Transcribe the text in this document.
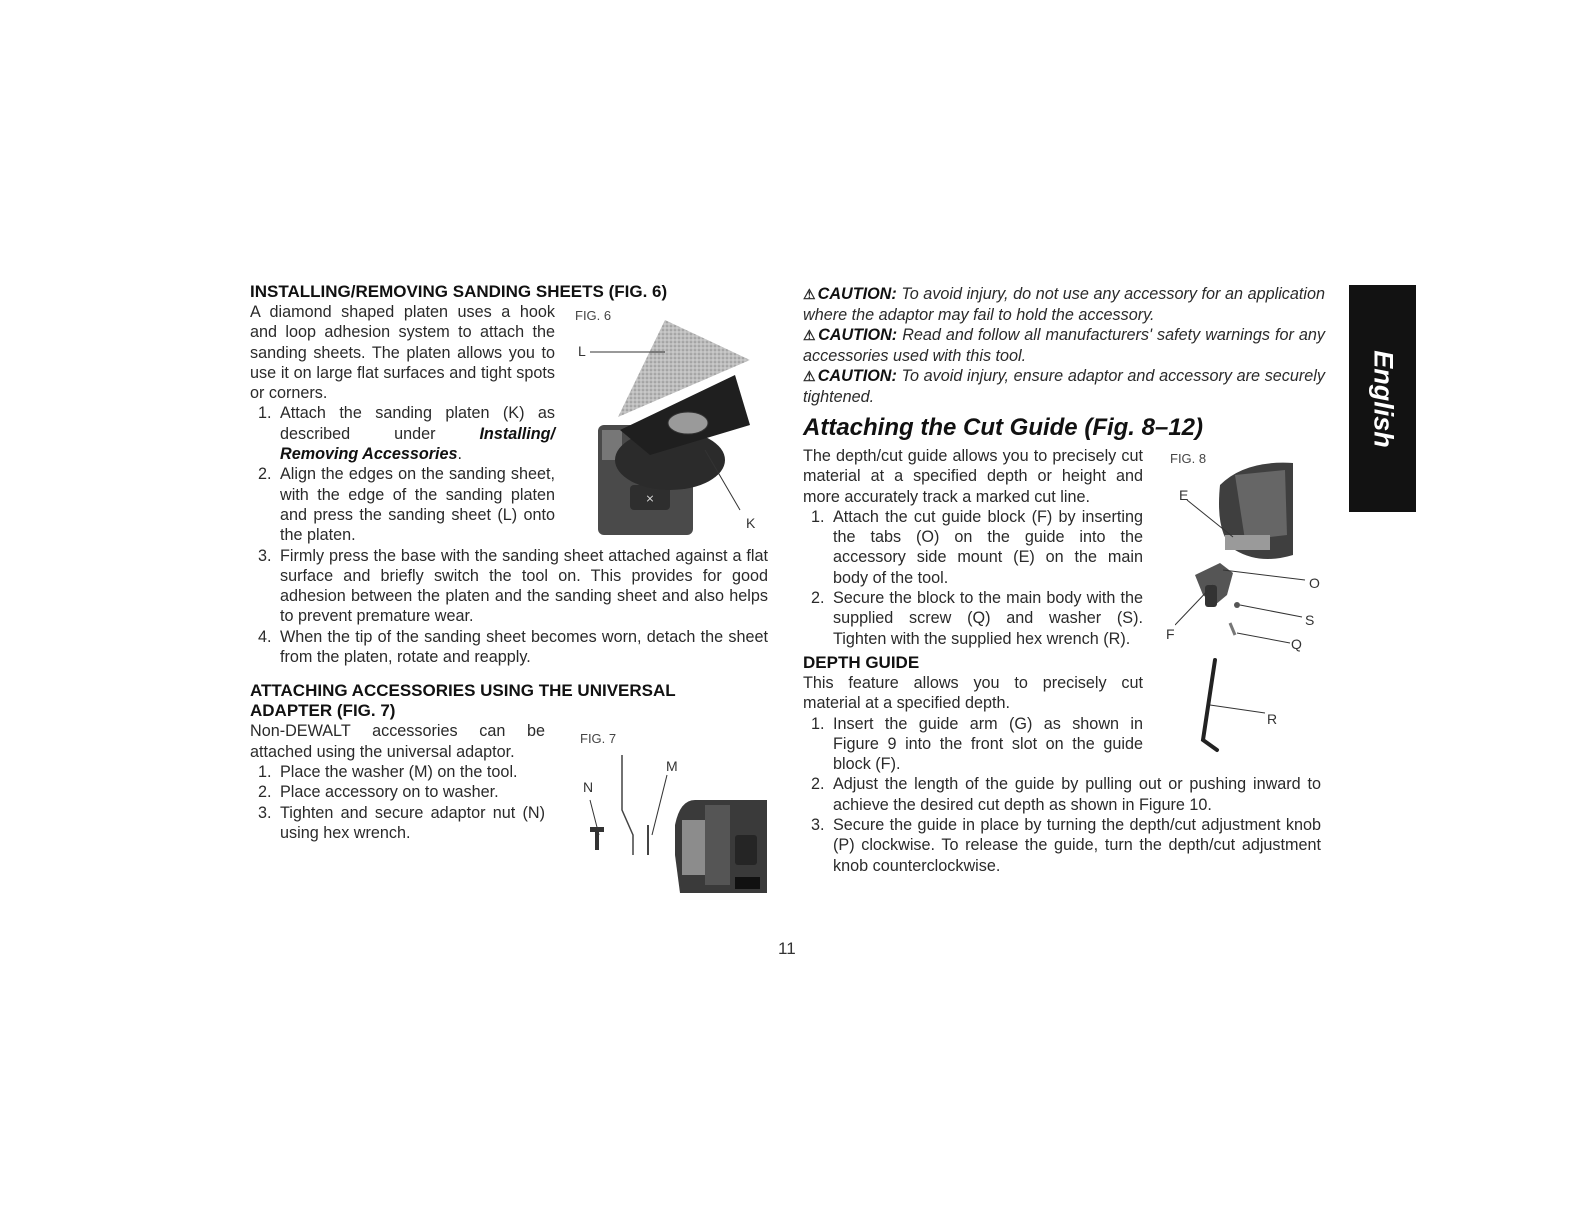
INSTALLING/REMOVING SANDING SHEETS (FIG. 6)

A diamond shaped platen uses a hook and loop adhesion system to attach the sanding sheets. The platen allows you to use it on large flat surfaces and tight spots or corners.

1. Attach the sanding platen (K) as described under Installing/ Removing Accessories.
2. Align the edges on the sanding sheet, with the edge of the sanding platen and press the sanding sheet (L) onto the platen.
3. Firmly press the base with the sanding sheet attached against a flat surface and briefly switch the tool on. This provides for good adhesion between the platen and the sanding sheet and also helps to prevent premature wear.
4. When the tip of the sanding sheet becomes worn, detach the sheet from the platen, rotate and reapply.
ATTACHING ACCESSORIES USING THE UNIVERSAL
ADAPTER (FIG. 7)

Non-DEWALT accessories can be attached using the universal adaptor.

1. Place the washer (M) on the tool.
2. Place accessory on to washer.
3. Tighten and secure adaptor nut (N) using hex wrench.
FIG. 6
L
K
⨯
FIG. 7
M
N

⚠ CAUTION: To avoid injury, do not use any accessory for an application where the adaptor may fail to hold the accessory.

⚠ CAUTION: Read and follow all manufacturers' safety warnings for any accessories used with this tool.

⚠ CAUTION: To avoid injury, ensure adaptor and accessory are securely tightened.

Attaching the Cut Guide (Fig. 8–12)

The depth/cut guide allows you to precisely cut material at a specified depth or height and more accurately track a marked cut line.

1. Attach the cut guide block (F) by inserting the tabs (O) on the guide into the accessory side mount (E) on the main body of the tool.
2. Secure the block to the main body with the supplied screw (Q) and washer (S). Tighten with the supplied hex wrench (R).
DEPTH GUIDE

This feature allows you to precisely cut material at a specified depth.

1. Insert the guide arm (G) as shown in Figure 9 into the front slot on the guide block (F).
2. Adjust the length of the guide by pulling out or pushing inward to achieve the desired cut depth as shown in Figure 10.
3. Secure the guide in place by turning the depth/cut adjustment knob (P) clockwise. To release the guide, turn the depth/cut adjustment knob counterclockwise.
FIG. 8
E
O
S
F
Q
R
English
11
